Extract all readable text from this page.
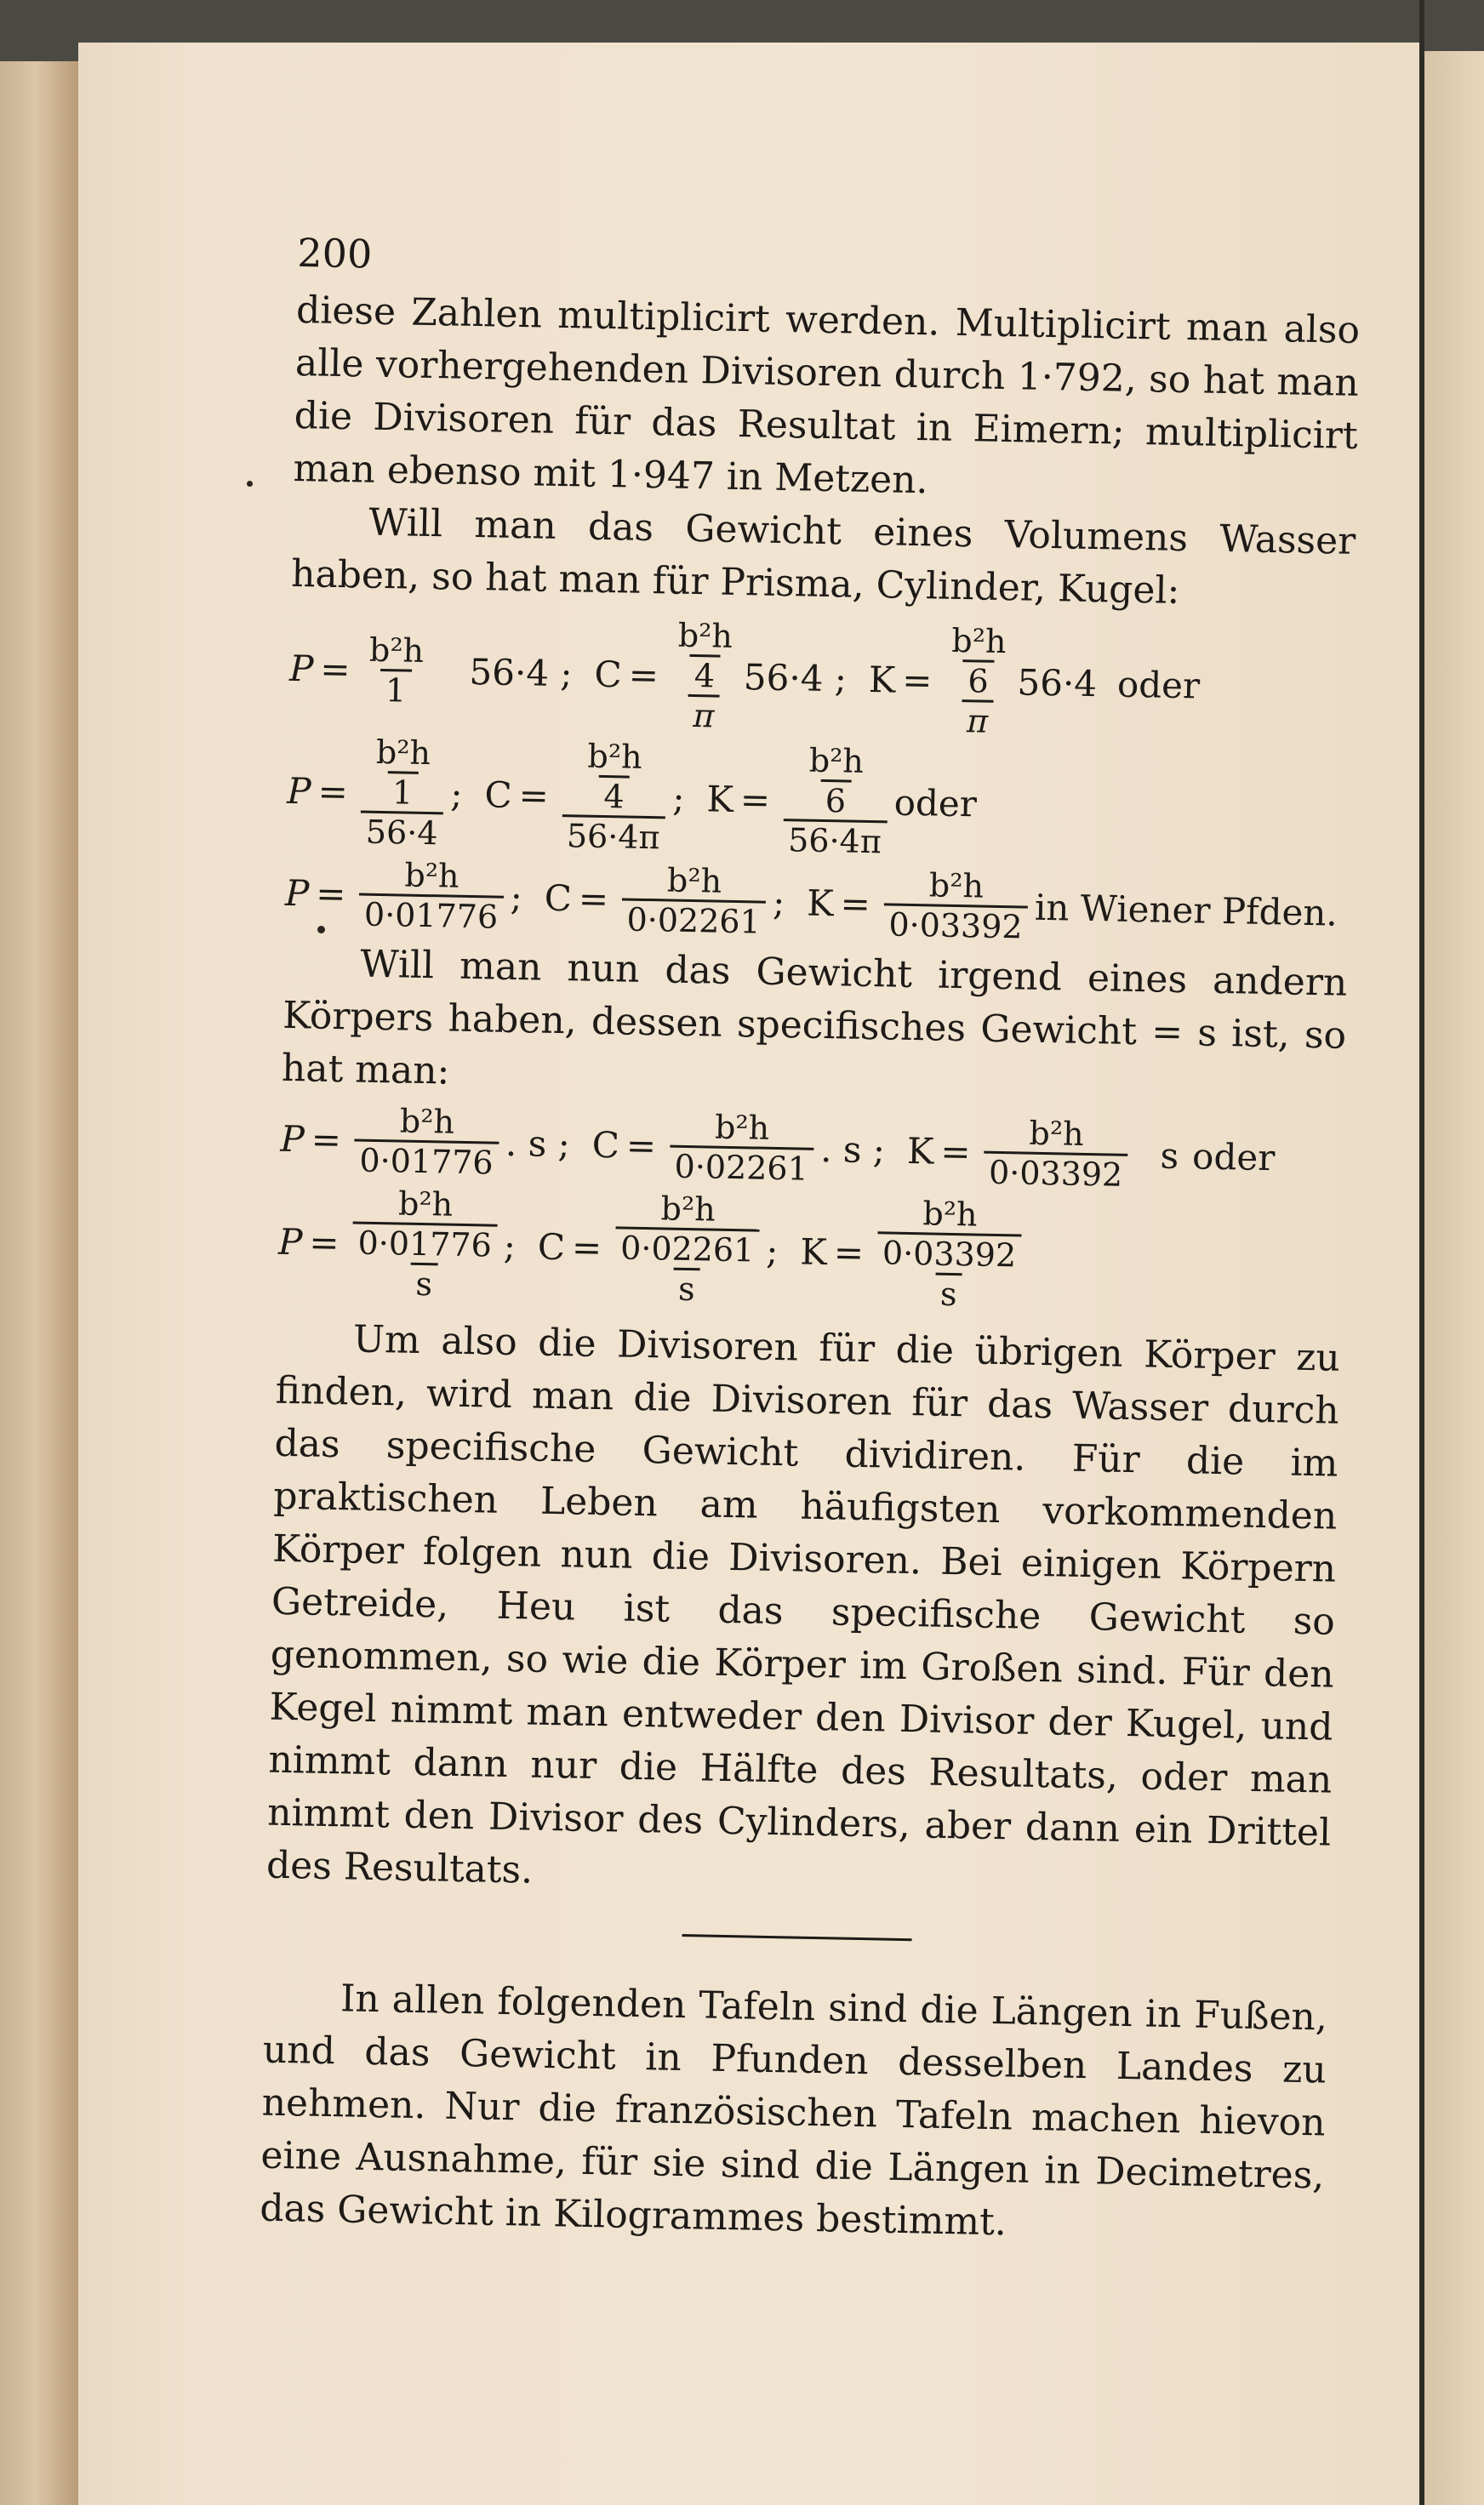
200

diese Zahlen multiplicirt werden. Multiplicirt man also alle vorhergehenden Divisoren durch 1·792, so hat man die Divisoren für das Resultat in Eimern; multiplicirt man ebenso mit 1·947 in Metzen.

Will man das Gewicht eines Volumens Wasser haben, so hat man für Prisma, Cylinder, Kugel:

$P = \frac{\text{b²h}}{1} 56\cdot 4$ ; C =
b²h
4
π
56·4 ; K =
b²h
6
π
56·4 oder
P =
b²h
1
56·4
; C =
b²h
4
56·4π
; K =
b²h
6
56·4π
oder
$P = \frac{\text{b²h}}{0\cdot 01776}$ ; $C = \frac{\text{b²h}}{0\cdot 02261}$ ; $K = \frac{\text{b²h}}{0\cdot 03392}$ in Wiener Pfden.

Will man nun das Gewicht irgend eines andern Körpers haben, dessen specifisches Gewicht = s ist, so hat man:

$P = \frac{\text{b²h}}{0\cdot 01776}$ . s ; $C = \frac{\text{b²h}}{0\cdot 02261}$ . s ; $K = \frac{\text{b²h}}{0\cdot 03392}$ s oder
P =
b²h
0·01776
s
; C =
b²h
0·02261
s
; K =
b²h
0·03392
s

Um also die Divisoren für die übrigen Körper zu finden, wird man die Divisoren für das Wasser durch das specifische Gewicht dividiren. Für die im praktischen Leben am häufigsten vorkommenden Körper folgen nun die Divisoren. Bei einigen Körpern Getreide, Heu ist das specifische Gewicht so genommen, so wie die Körper im Großen sind. Für den Kegel nimmt man entweder den Divisor der Kugel, und nimmt dann nur die Hälfte des Resultats, oder man nimmt den Divisor des Cylinders, aber dann ein Drittel des Resultats.

In allen folgenden Tafeln sind die Längen in Fußen, und das Gewicht in Pfunden desselben Landes zu nehmen. Nur die französischen Tafeln machen hievon eine Ausnahme, für sie sind die Längen in Decimetres, das Gewicht in Kilogrammes bestimmt.
